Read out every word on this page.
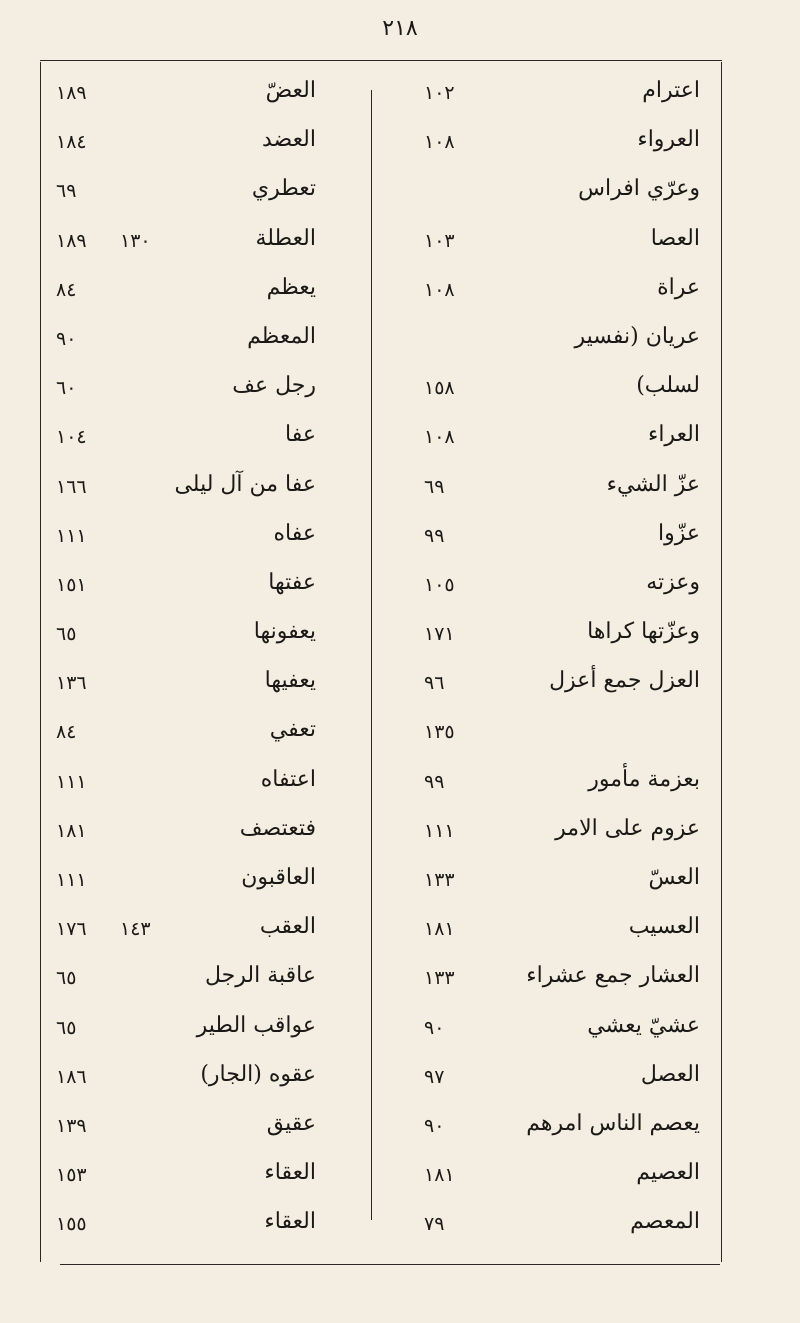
٢١٨
اعترام
١٠٢
العرواء
١٠٨
وعرّي افراس
العصا
١٠٣
عراة
١٠٨
عريان (نفسير
لسلب)
١٥٨
العراء
١٠٨
عزّ الشيء
٦٩
عزّوا
٩٩
وعزته
١٠٥
وعزّتها كراها
١٧١
العزل جمع أعزل
٩٦
١٣٥
بعزمة مأمور
٩٩
عزوم على الامر
١١١
العسّ
١٣٣
العسيب
١٨١
العشار جمع عشراء
١٣٣
عشيّ يعشي
٩٠
العصل
٩٧
يعصم الناس امرهم
٩٠
العصيم
١٨١
المعصم
٧٩
العضّ
١٨٩
العضد
١٨٤
تعطري
٦٩
العطلة
١٨٩ ١٣٠
يعظم
٨٤
المعظم
٩٠
رجل عف
٦٠
عفا
١٠٤
عفا من آل ليلى
١٦٦
عفاه
١١١
عفتها
١٥١
يعفونها
٦٥
يعفيها
١٣٦
تعفي
٨٤
اعتفاه
١١١
فتعتصف
١٨١
العاقبون
١١١
العقب
١٧٦ ١٤٣
عاقبة الرجل
٦٥
عواقب الطير
٦٥
عقوه (الجار)
١٨٦
عقيق
١٣٩
العقاء
١٥٣
العقاء
١٥٥
